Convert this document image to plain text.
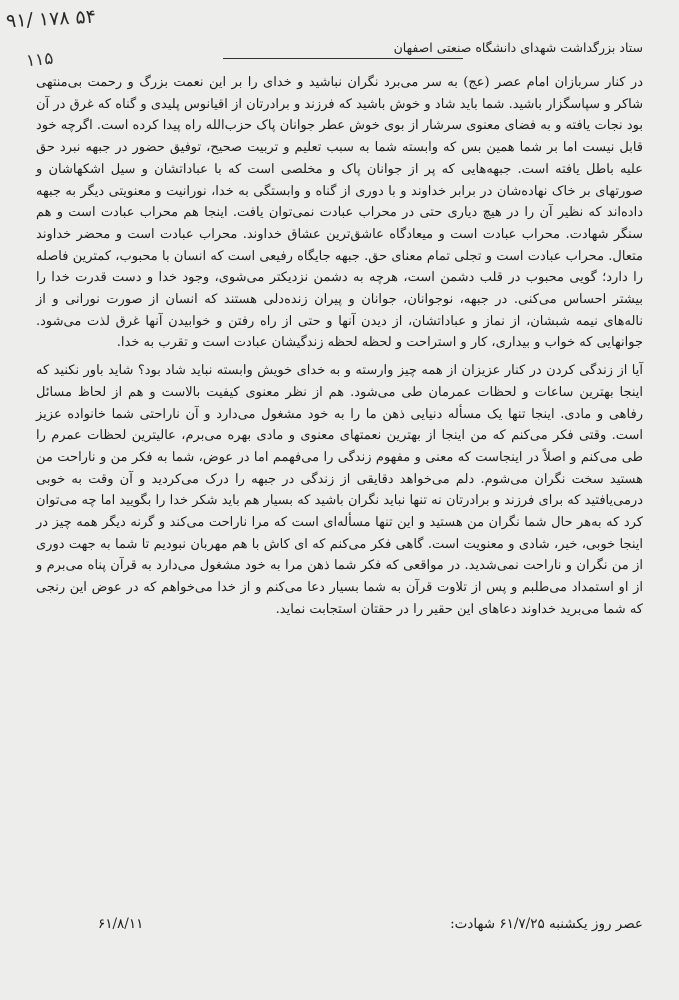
۹۱/ ۱۷۸ ۵۴
۱۱۵
ستاد بزرگداشت شهدای دانشگاه صنعتی اصفهان

در کنار سربازان امام عصر (عج) به سر می‌برد نگران نباشید و خدای را بر این نعمت بزرگ و رحمت بی‌منتهی شاکر و سپاسگزار باشید. شما باید شاد و خوش باشید که فرزند و برادرتان از اقیانوس پلیدی و گناه که غرق در آن بود نجات یافته و به فضای معنوی سرشار از بوی خوش عطر جوانان پاک حزب‌الله راه پیدا کرده است. اگرچه خود قابل نیست اما بر شما همین بس که وابسته شما به سبب تعلیم و تربیت صحیح، توفیق حضور در جبهه نبرد حق علیه باطل یافته است. جبهه‌هایی که پر از جوانان پاک و مخلصی است که با عباداتشان و سیل اشکهاشان و صورتهای بر خاک نهاده‌شان در برابر خداوند و با دوری از گناه و وابستگی به خدا، نورانیت و معنویتی دیگر به جبهه داده‌اند که نظیر آن را در هیچ دیاری حتی در محراب عبادت نمی‌توان یافت. اینجا هم محراب عبادت است و هم سنگر شهادت. محراب عبادت است و میعادگاه عاشق‌ترین عشاق خداوند. محراب عبادت است و محضر خداوند متعال. محراب عبادت است و تجلی تمام معنای حق. جبهه جایگاه رفیعی است که انسان با محبوب، کمترین فاصله را دارد؛ گویی محبوب در قلب دشمن است، هرچه به دشمن نزدیکتر می‌شوی، وجود خدا و دست قدرت خدا را بیشتر احساس می‌کنی. در جبهه، نوجوانان، جوانان و پیران زنده‌دلی هستند که انسان از صورت نورانی و از ناله‌های نیمه شبشان، از نماز و عباداتشان، از دیدن آنها و حتی از راه رفتن و خوابیدن آنها غرق لذت می‌شود. جوانهایی که خواب و بیداری، کار و استراحت و لحظه لحظه زندگیشان عبادت است و تقرب به خدا.

آیا از زندگی کردن در کنار عزیزان از همه چیز وارسته و به خدای خویش وابسته نباید شاد بود؟ شاید باور نکنید که اینجا بهترین ساعات و لحظات عمرمان طی می‌شود. هم از نظر معنوی کیفیت بالاست و هم از لحاظ مسائل رفاهی و مادی. اینجا تنها یک مسأله دنیایی ذهن ما را به خود مشغول می‌دارد و آن ناراحتی شما خانواده عزیز است. وقتی فکر می‌کنم که من اینجا از بهترین نعمتهای معنوی و مادی بهره می‌برم، عالیترین لحظات عمرم را طی می‌کنم و اصلاً در اینجاست که معنی و مفهوم زندگی را می‌فهمم اما در عوض، شما به فکر من و ناراحت من هستید سخت نگران می‌شوم. دلم می‌خواهد دقایقی از زندگی در جبهه را درک می‌کردید و آن وقت به خوبی درمی‌یافتید که برای فرزند و برادرتان نه تنها نباید نگران باشید که بسیار هم باید شکر خدا را بگویید اما چه می‌توان کرد که به‌هر حال شما نگران من هستید و این تنها مسأله‌ای است که مرا ناراحت می‌کند و گرنه دیگر همه چیز در اینجا خوبی، خیر، شادی و معنویت است. گاهی فکر می‌کنم که ای کاش با هم مهربان نبودیم تا شما به جهت دوری از من نگران و ناراحت نمی‌شدید. در مواقعی که فکر شما ذهن مرا به خود مشغول می‌دارد به قرآن پناه می‌برم و از او استمداد می‌طلبم و پس از تلاوت قرآن به شما بسیار دعا می‌کنم و از خدا می‌خواهم که در عوض این رنجی که شما می‌برید خداوند دعاهای این حقیر را در حقتان استجابت نماید.

عصر روز یکشنبه ۶۱/۷/۲۵ شهادت:
۶۱/۸/۱۱
